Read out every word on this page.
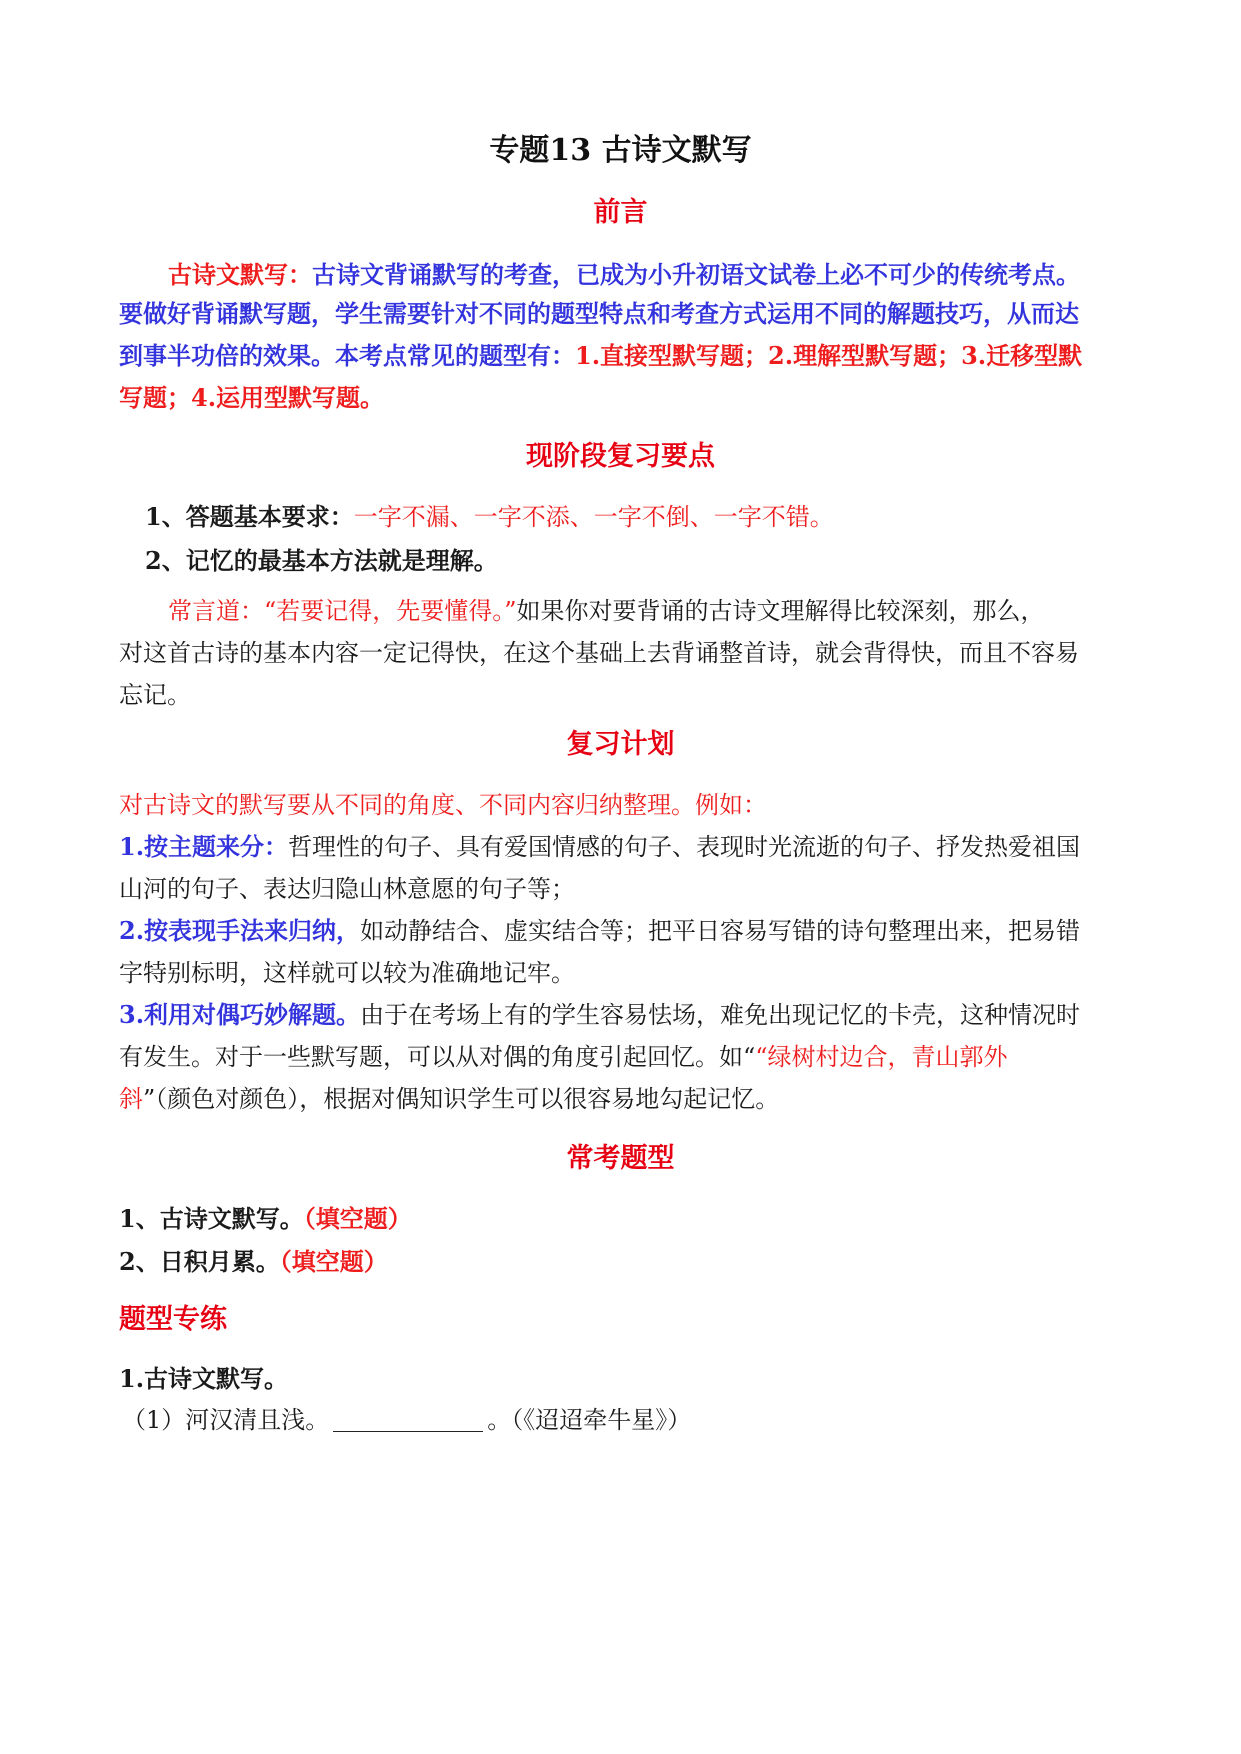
专题13 古诗文默写
前言
古诗文默写：古诗文背诵默写的考查，已成为小升初语文试卷上必不可少的传统考点。
要做好背诵默写题，学生需要针对不同的题型特点和考查方式运用不同的解题技巧，从而达
到事半功倍的效果。本考点常见的题型有：1.直接型默写题；2.理解型默写题；3.迁移型默
写题；4.运用型默写题。
现阶段复习要点
1、答题基本要求：一字不漏、一字不添、一字不倒、一字不错。
2、记忆的最基本方法就是理解。
常言道：“若要记得，先要懂得。”如果你对要背诵的古诗文理解得比较深刻，那么，
对这首古诗的基本内容一定记得快，在这个基础上去背诵整首诗，就会背得快，而且不容易
忘记。
复习计划
对古诗文的默写要从不同的角度、不同内容归纳整理。例如：
1.按主题来分：哲理性的句子、具有爱国情感的句子、表现时光流逝的句子、抒发热爱祖国
山河的句子、表达归隐山林意愿的句子等；
2.按表现手法来归纳，如动静结合、虚实结合等；把平日容易写错的诗句整理出来，把易错
字特别标明，这样就可以较为准确地记牢。
3.利用对偶巧妙解题。由于在考场上有的学生容易怯场，难免出现记忆的卡壳，这种情况时
有发生。对于一些默写题，可以从对偶的角度引起回忆。如““绿树村边合，青山郭外
斜”（颜色对颜色），根据对偶知识学生可以很容易地勾起记忆。
常考题型
1、古诗文默写。（填空题）
2、日积月累。（填空题）
题型专练
1.古诗文默写。
（1）河汉清且浅。	。（《迢迢牵牛星》）
